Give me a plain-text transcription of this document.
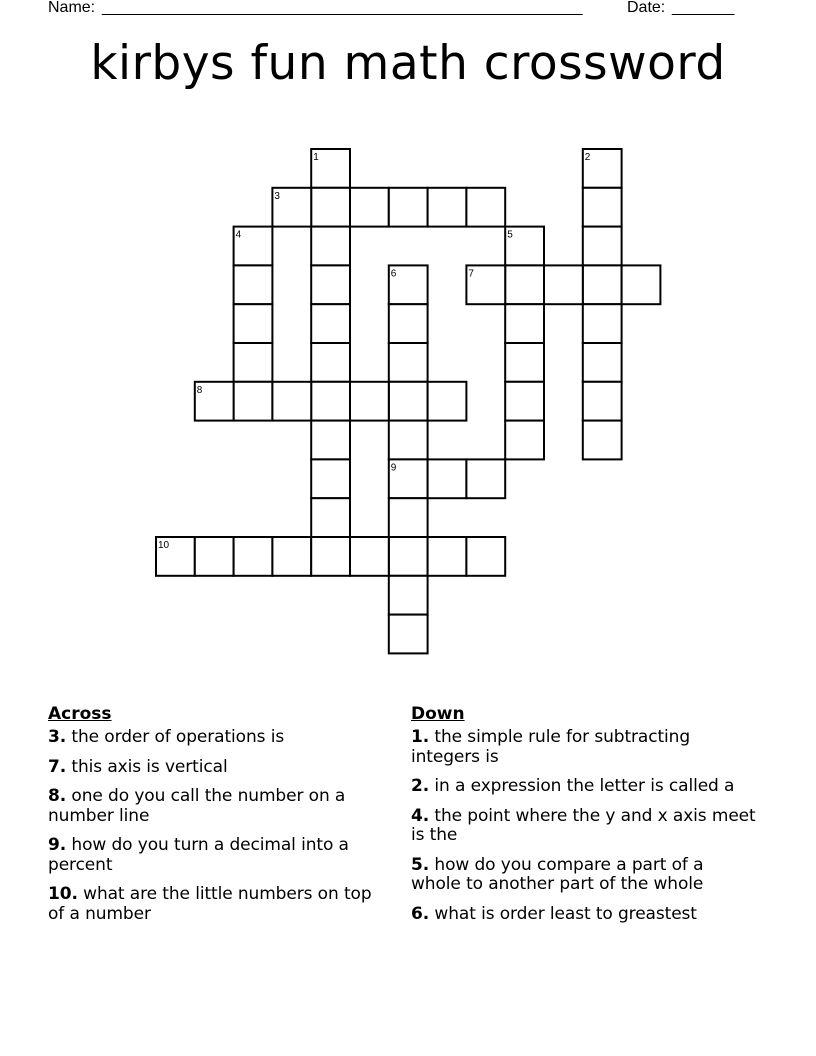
Name: ______________________________________________________	Date: _______
kirbys fun math crossword
1	2
3
4	5
6	7
8
9
10
Across
3. the order of operations is
7. this axis is vertical
8. one do you call the number on a number line
9. how do you turn a decimal into a percent
10. what are the little numbers on top of a number
Down
1. the simple rule for subtracting integers is
2. in a expression the letter is called a
4. the point where the y and x axis meet is the
5. how do you compare a part of a whole to another part of the whole
6. what is order least to greastest
